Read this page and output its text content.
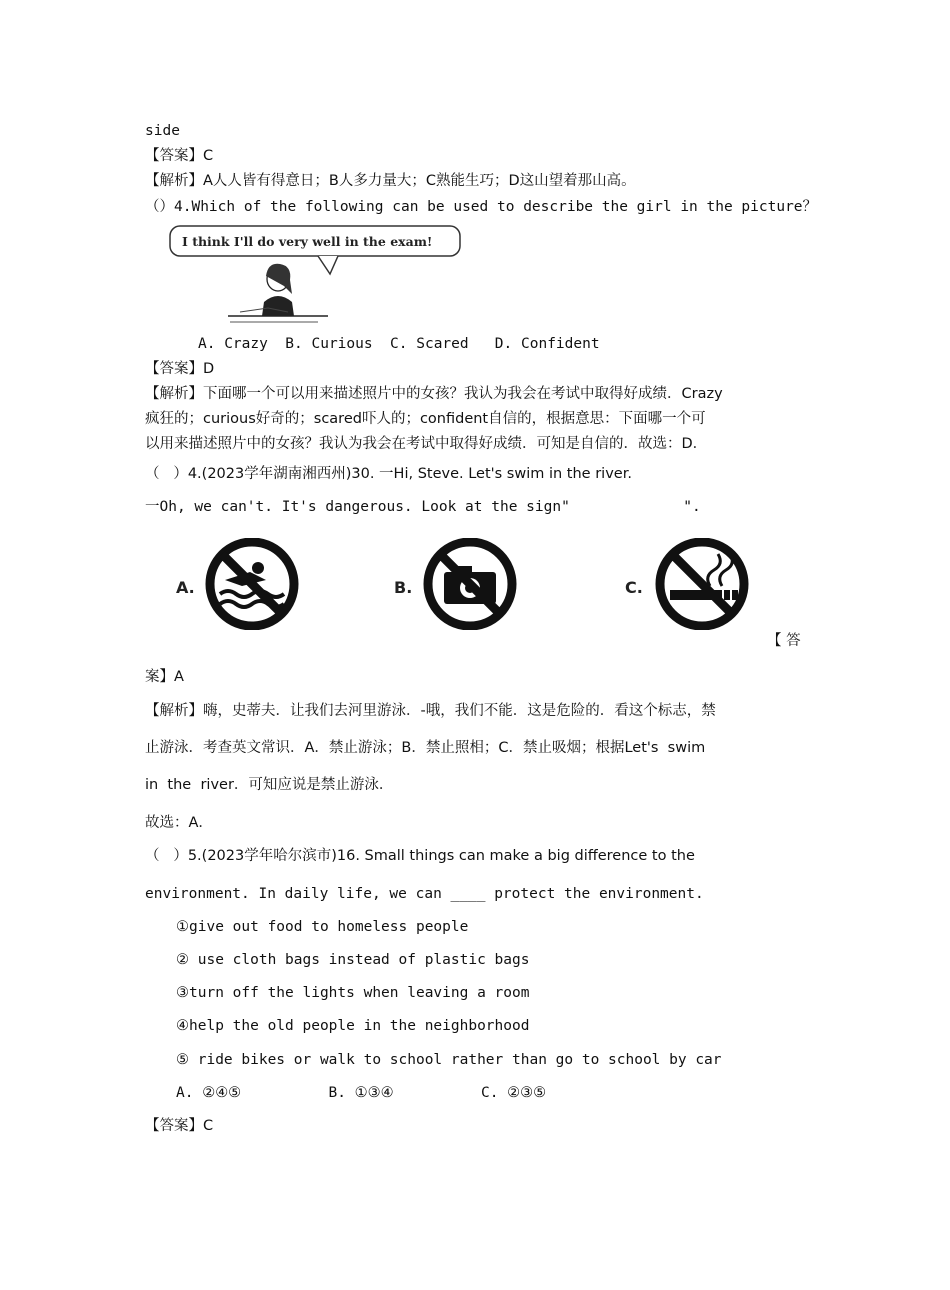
side
【答案】C
【解析】A人人皆有得意日；B人多力量大；C熟能生巧；D这山望着那山高。
（）4.Which of the following can be used to describe the girl in the picture？
I think I'll do very well in the exam!
A. Crazy  B. Curious  C. Scared   D. Confident
【答案】D
【解析】下面哪一个可以用来描述照片中的女孩？我认为我会在考试中取得好成绩．Crazy
疯狂的；curious好奇的；scared吓人的；confident自信的，根据意思：下面哪一个可
以用来描述照片中的女孩？我认为我会在考试中取得好成绩．可知是自信的．故选：D．
（   ）4.(2023学年湖南湘西州)30. 一Hi, Steve. Let's swim in the river.
一Oh, we can't. It's dangerous. Look at the sign"             ".
A.	B.	C.
【 答
案】A
【解析】嗨，史蒂夫．让我们去河里游泳．-哦，我们不能．这是危险的．看这个标志，禁
止游泳．考查英文常识．A．禁止游泳；B．禁止照相；C．禁止吸烟；根据Let's  swim
in  the  river．可知应说是禁止游泳．
故选：A．
（   ）5.(2023学年哈尔滨市)16. Small things can make a big difference to the
environment. In daily life, we can ____ protect the environment.
①give out food to homeless people
② use cloth bags instead of plastic bags
③turn off the lights when leaving a room
④help the old people in the neighborhood
⑤ ride bikes or walk to school rather than go to school by car
A. ②④⑤          B. ①③④          C. ②③⑤
【答案】C
